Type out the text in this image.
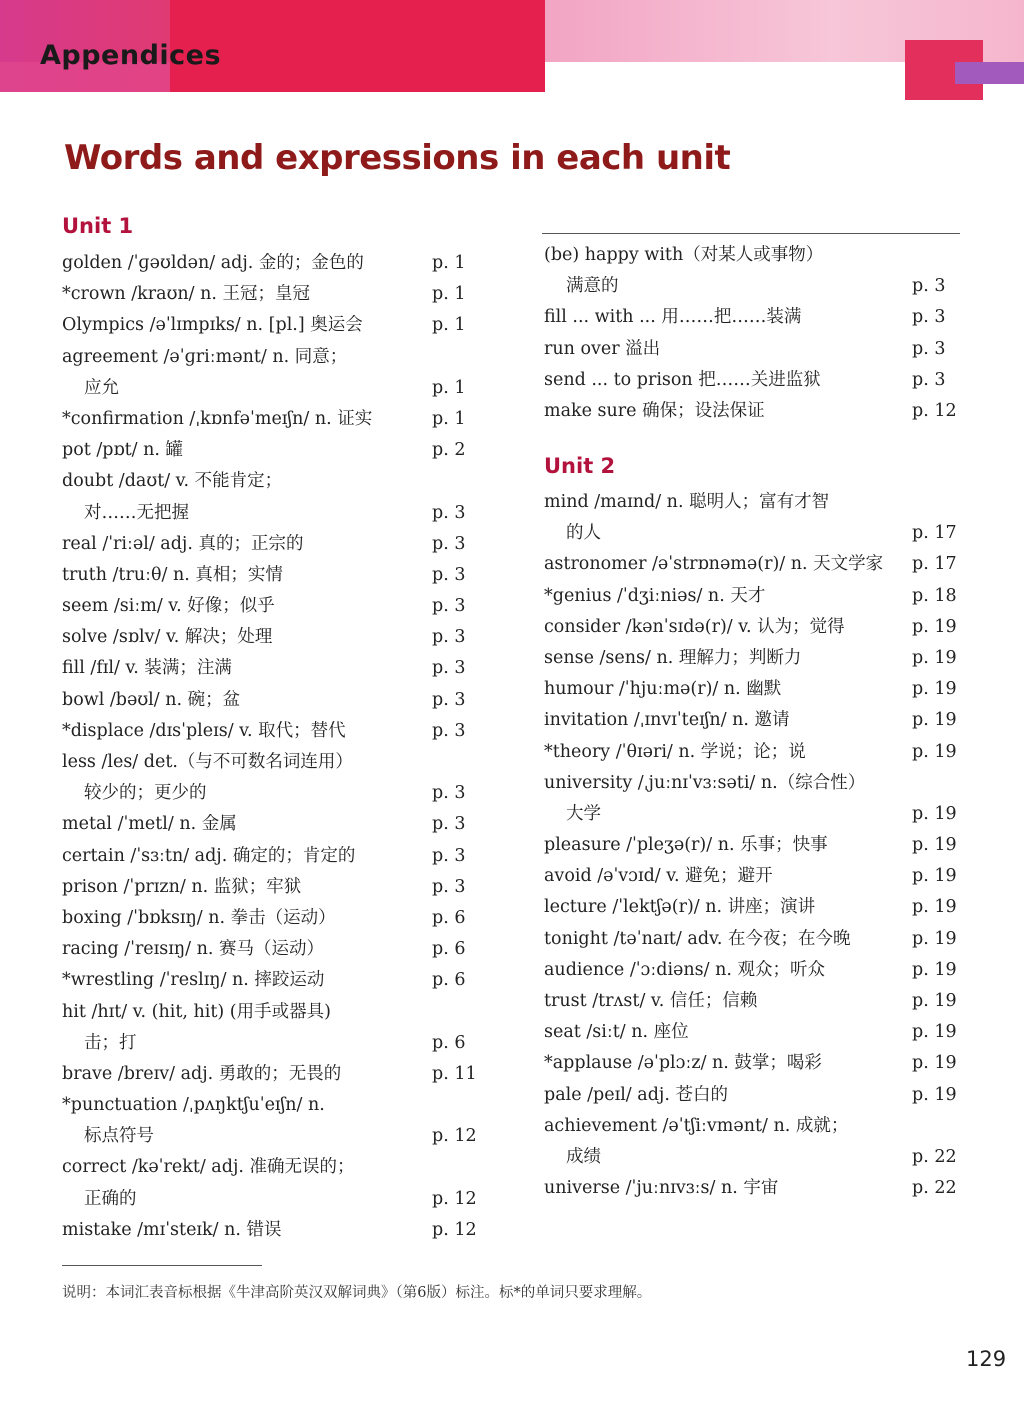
Appendices
Words and expressions in each unit
Unit 1
golden /ˈɡəʊldən/ adj. 金的；金色的	p. 1
*crown /kraʊn/ n. 王冠；皇冠	p. 1
Olympics /əˈlɪmpɪks/ n. [pl.] 奥运会	p. 1
agreement /əˈɡriːmənt/ n. 同意；
应允	p. 1
*confirmation /ˌkɒnfəˈmeɪʃn/ n. 证实	p. 1
pot /pɒt/ n. 罐	p. 2
doubt /daʊt/ v. 不能肯定；
对……无把握	p. 3
real /ˈriːəl/ adj. 真的；正宗的	p. 3
truth /truːθ/ n. 真相；实情	p. 3
seem /siːm/ v. 好像；似乎	p. 3
solve /sɒlv/ v. 解决；处理	p. 3
fill /fɪl/ v. 装满；注满	p. 3
bowl /bəʊl/ n. 碗；盆	p. 3
*displace /dɪsˈpleɪs/ v. 取代；替代	p. 3
less /les/ det.（与不可数名词连用）
较少的；更少的	p. 3
metal /ˈmetl/ n. 金属	p. 3
certain /ˈsɜːtn/ adj. 确定的；肯定的	p. 3
prison /ˈprɪzn/ n. 监狱；牢狱	p. 3
boxing /ˈbɒksɪŋ/ n. 拳击（运动）	p. 6
racing /ˈreɪsɪŋ/ n. 赛马（运动）	p. 6
*wrestling /ˈreslɪŋ/ n. 摔跤运动	p. 6
hit /hɪt/ v. (hit, hit) (用手或器具)
击；打	p. 6
brave /breɪv/ adj. 勇敢的；无畏的	p. 11
*punctuation /ˌpʌŋktʃuˈeɪʃn/ n.
标点符号	p. 12
correct /kəˈrekt/ adj. 准确无误的；
正确的	p. 12
mistake /mɪˈsteɪk/ n. 错误	p. 12
(be) happy with（对某人或事物）
满意的	p. 3
fill ... with ... 用……把……装满	p. 3
run over 溢出	p. 3
send ... to prison 把……关进监狱	p. 3
make sure 确保；设法保证	p. 12
Unit 2
mind /maɪnd/ n. 聪明人；富有才智
的人	p. 17
astronomer /əˈstrɒnəmə(r)/ n. 天文学家 p. 17
*genius /ˈdʒiːniəs/ n. 天才	p. 18
consider /kənˈsɪdə(r)/ v. 认为；觉得	p. 19
sense /sens/ n. 理解力；判断力	p. 19
humour /ˈhjuːmə(r)/ n. 幽默	p. 19
invitation /ˌɪnvɪˈteɪʃn/ n. 邀请	p. 19
*theory /ˈθɪəri/ n. 学说；论；说	p. 19
university /ˌjuːnɪˈvɜːsəti/ n.（综合性）
大学	p. 19
pleasure /ˈpleʒə(r)/ n. 乐事；快事	p. 19
avoid /əˈvɔɪd/ v. 避免；避开	p. 19
lecture /ˈlektʃə(r)/ n. 讲座；演讲	p. 19
tonight /təˈnaɪt/ adv. 在今夜；在今晚	p. 19
audience /ˈɔːdiəns/ n. 观众；听众	p. 19
trust /trʌst/ v. 信任；信赖	p. 19
seat /siːt/ n. 座位	p. 19
*applause /əˈplɔːz/ n. 鼓掌；喝彩	p. 19
pale /peɪl/ adj. 苍白的	p. 19
achievement /əˈtʃiːvmənt/ n. 成就；
成绩	p. 22
universe /ˈjuːnɪvɜːs/ n. 宇宙	p. 22
说明：本词汇表音标根据《牛津高阶英汉双解词典》（第6版）标注。标*的单词只要求理解。
129
